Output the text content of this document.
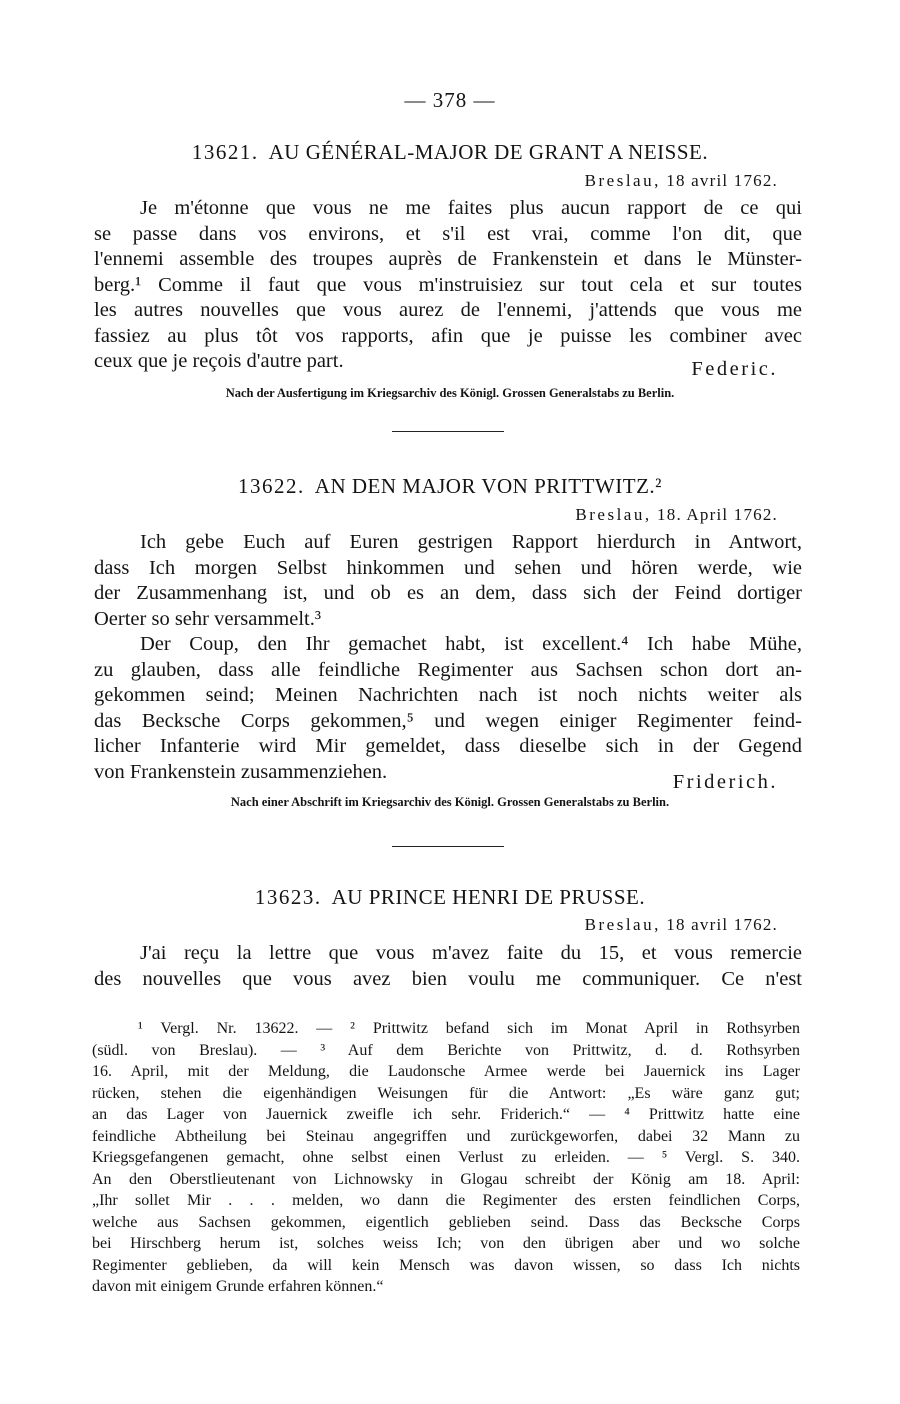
— 378 —
13621. AU GÉNÉRAL-MAJOR DE GRANT A NEISSE.
Breslau, 18 avril 1762.
Je m'étonne que vous ne me faites plus aucun rapport de ce qui
se passe dans vos environs, et s'il est vrai, comme l'on dit, que
l'ennemi assemble des troupes auprès de Frankenstein et dans le Münster-
berg.¹ Comme il faut que vous m'instruisiez sur tout cela et sur toutes
les autres nouvelles que vous aurez de l'ennemi, j'attends que vous me
fassiez au plus tôt vos rapports, afin que je puisse les combiner avec
ceux que je reçois d'autre part.	Federic.
Nach der Ausfertigung im Kriegsarchiv des Königl. Grossen Generalstabs zu Berlin.
13622. AN DEN MAJOR VON PRITTWITZ.²
Breslau, 18. April 1762.
Ich gebe Euch auf Euren gestrigen Rapport hierdurch in Antwort,
dass Ich morgen Selbst hinkommen und sehen und hören werde, wie
der Zusammenhang ist, und ob es an dem, dass sich der Feind dortiger
Oerter so sehr versammelt.³
Der Coup, den Ihr gemachet habt, ist excellent.⁴ Ich habe Mühe,
zu glauben, dass alle feindliche Regimenter aus Sachsen schon dort an-
gekommen seind; Meinen Nachrichten nach ist noch nichts weiter als
das Becksche Corps gekommen,⁵ und wegen einiger Regimenter feind-
licher Infanterie wird Mir gemeldet, dass dieselbe sich in der Gegend
von Frankenstein zusammenziehen.	Friderich.
Nach einer Abschrift im Kriegsarchiv des Königl. Grossen Generalstabs zu Berlin.
13623. AU PRINCE HENRI DE PRUSSE.
Breslau, 18 avril 1762.
J'ai reçu la lettre que vous m'avez faite du 15, et vous remercie
des nouvelles que vous avez bien voulu me communiquer. Ce n'est
¹ Vergl. Nr. 13622. — ² Prittwitz befand sich im Monat April in Rothsyrben
(südl. von Breslau). — ³ Auf dem Berichte von Prittwitz, d. d. Rothsyrben
16. April, mit der Meldung, die Laudonsche Armee werde bei Jauernick ins Lager
rücken, stehen die eigenhändigen Weisungen für die Antwort: „Es wäre ganz gut;
an das Lager von Jauernick zweifle ich sehr. Friderich.“ — ⁴ Prittwitz hatte eine
feindliche Abtheilung bei Steinau angegriffen und zurückgeworfen, dabei 32 Mann zu
Kriegsgefangenen gemacht, ohne selbst einen Verlust zu erleiden. — ⁵ Vergl. S. 340.
An den Oberstlieutenant von Lichnowsky in Glogau schreibt der König am 18. April:
„Ihr sollet Mir . . . melden, wo dann die Regimenter des ersten feindlichen Corps,
welche aus Sachsen gekommen, eigentlich geblieben seind. Dass das Becksche Corps
bei Hirschberg herum ist, solches weiss Ich; von den übrigen aber und wo solche
Regimenter geblieben, da will kein Mensch was davon wissen, so dass Ich nichts
davon mit einigem Grunde erfahren können.“
